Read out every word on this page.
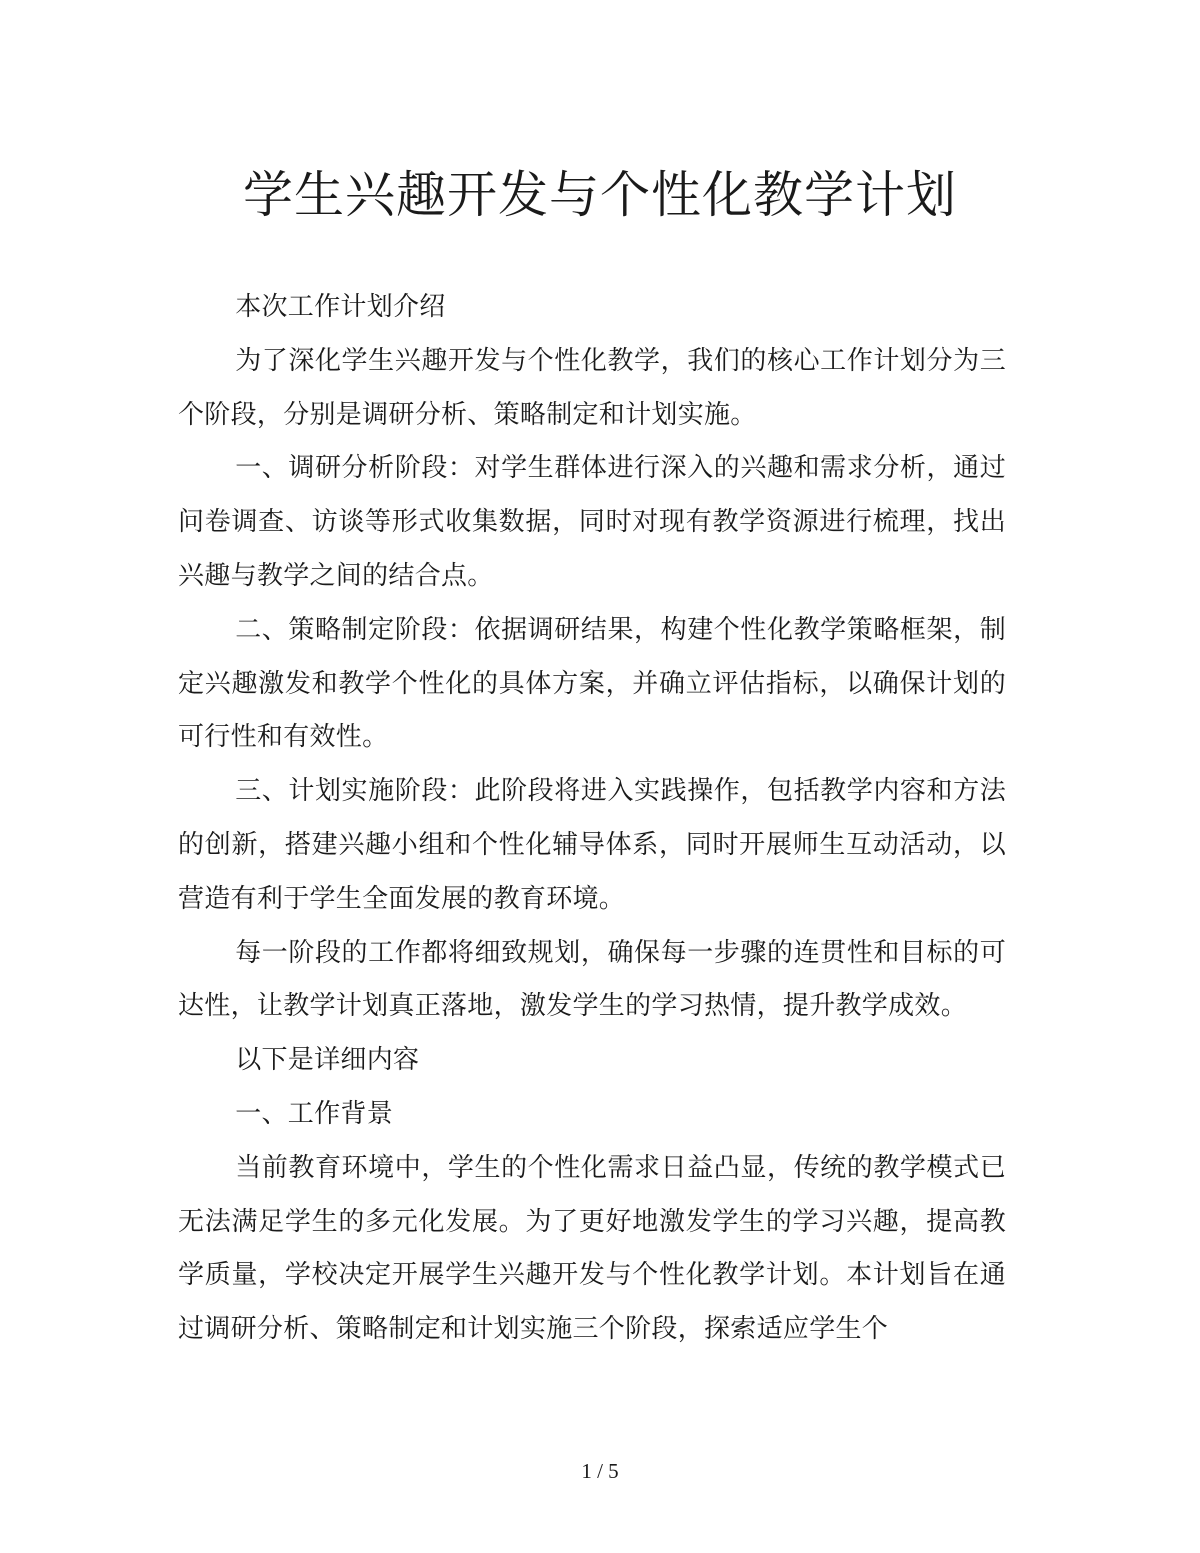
学生兴趣开发与个性化教学计划

本次工作计划介绍

为了深化学生兴趣开发与个性化教学，我们的核心工作计划分为三个阶段，分别是调研分析、策略制定和计划实施。

一、调研分析阶段：对学生群体进行深入的兴趣和需求分析，通过问卷调查、访谈等形式收集数据，同时对现有教学资源进行梳理，找出兴趣与教学之间的结合点。

二、策略制定阶段：依据调研结果，构建个性化教学策略框架，制定兴趣激发和教学个性化的具体方案，并确立评估指标，以确保计划的可行性和有效性。

三、计划实施阶段：此阶段将进入实践操作，包括教学内容和方法的创新，搭建兴趣小组和个性化辅导体系，同时开展师生互动活动，以营造有利于学生全面发展的教育环境。

每一阶段的工作都将细致规划，确保每一步骤的连贯性和目标的可达性，让教学计划真正落地，激发学生的学习热情，提升教学成效。

以下是详细内容

一、工作背景

当前教育环境中，学生的个性化需求日益凸显，传统的教学模式已无法满足学生的多元化发展。为了更好地激发学生的学习兴趣，提高教学质量，学校决定开展学生兴趣开发与个性化教学计划。本计划旨在通过调研分析、策略制定和计划实施三个阶段，探索适应学生个

1 / 5
